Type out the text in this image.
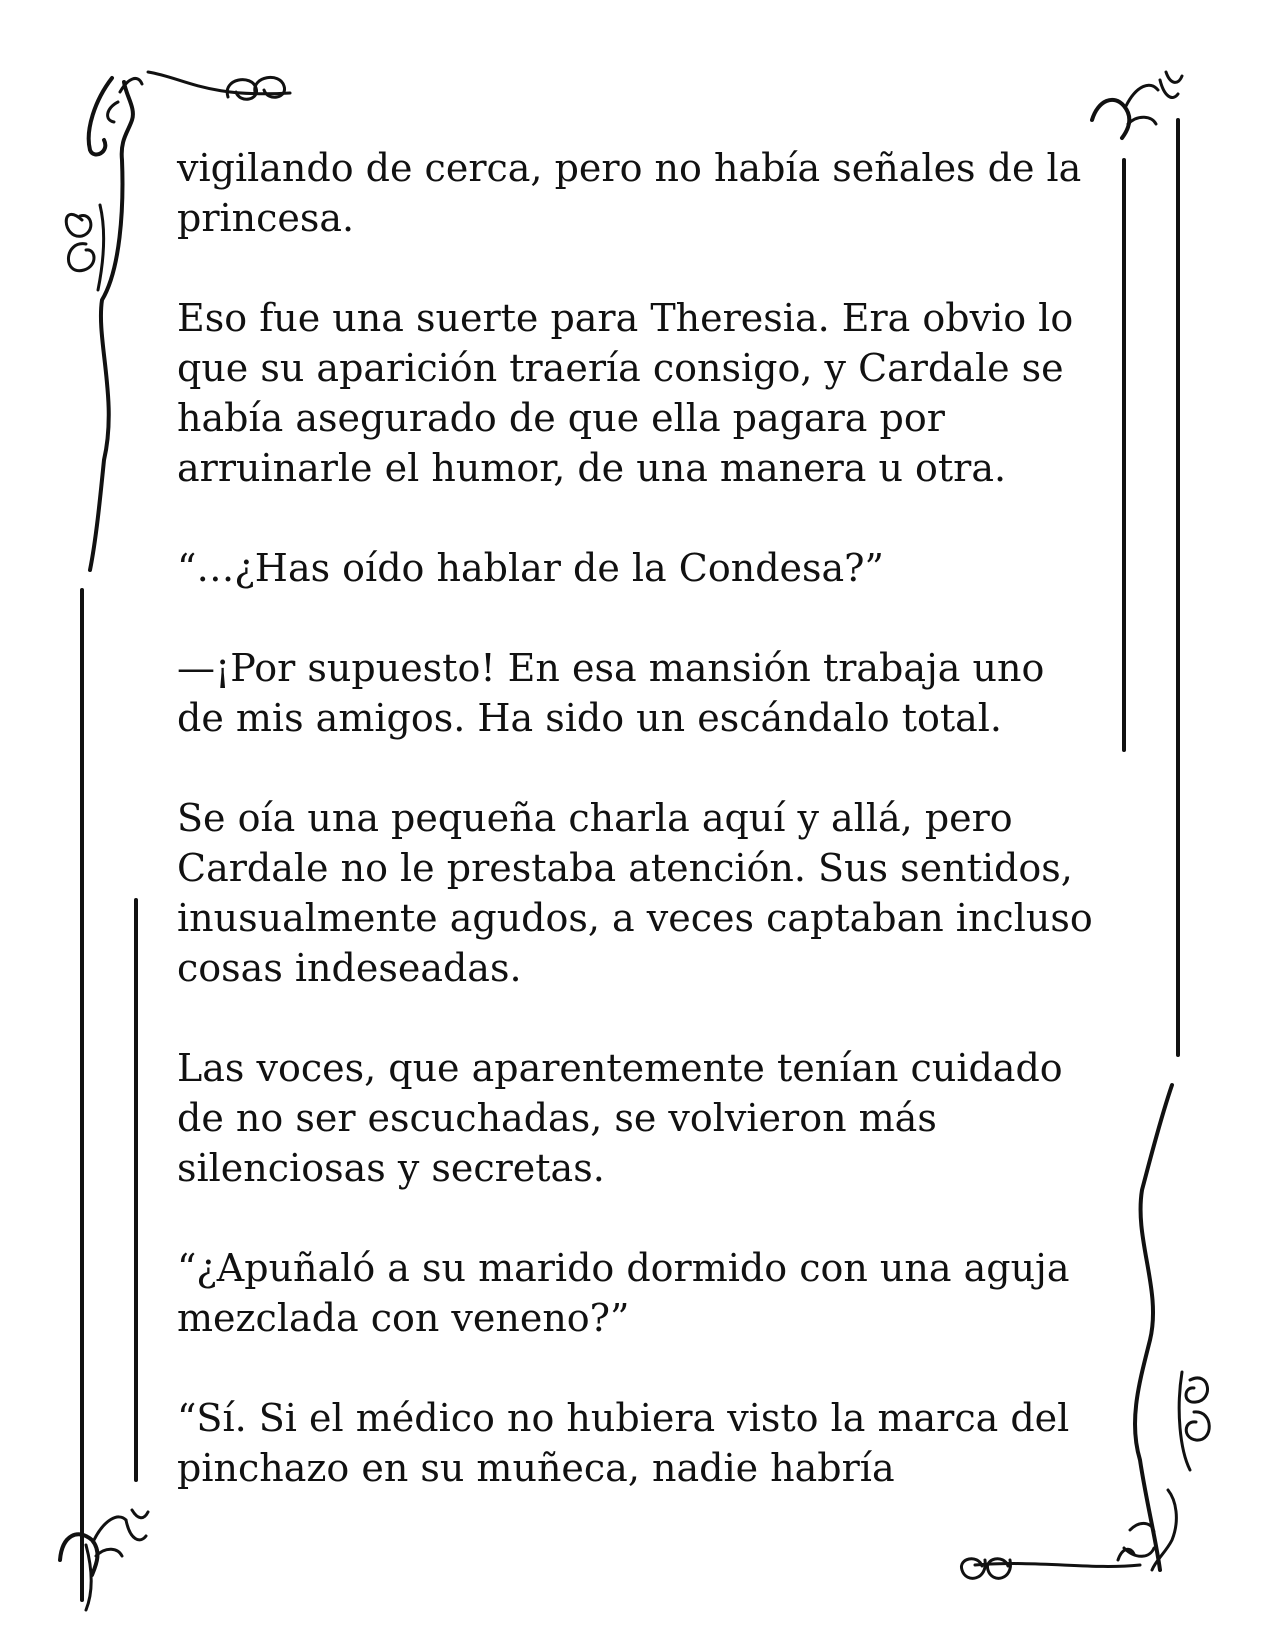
vigilando de cerca, pero no había señales de la
princesa.

Eso fue una suerte para Theresia. Era obvio lo
que su aparición traería consigo, y Cardale se
había asegurado de que ella pagara por
arruinarle el humor, de una manera u otra.

“…¿Has oído hablar de la Condesa?”

—¡Por supuesto! En esa mansión trabaja uno
de mis amigos. Ha sido un escándalo total.

Se oía una pequeña charla aquí y allá, pero
Cardale no le prestaba atención. Sus sentidos,
inusualmente agudos, a veces captaban incluso
cosas indeseadas.

Las voces, que aparentemente tenían cuidado
de no ser escuchadas, se volvieron más
silenciosas y secretas.

“¿Apuñaló a su marido dormido con una aguja
mezclada con veneno?”

“Sí. Si el médico no hubiera visto la marca del
pinchazo en su muñeca, nadie habría
